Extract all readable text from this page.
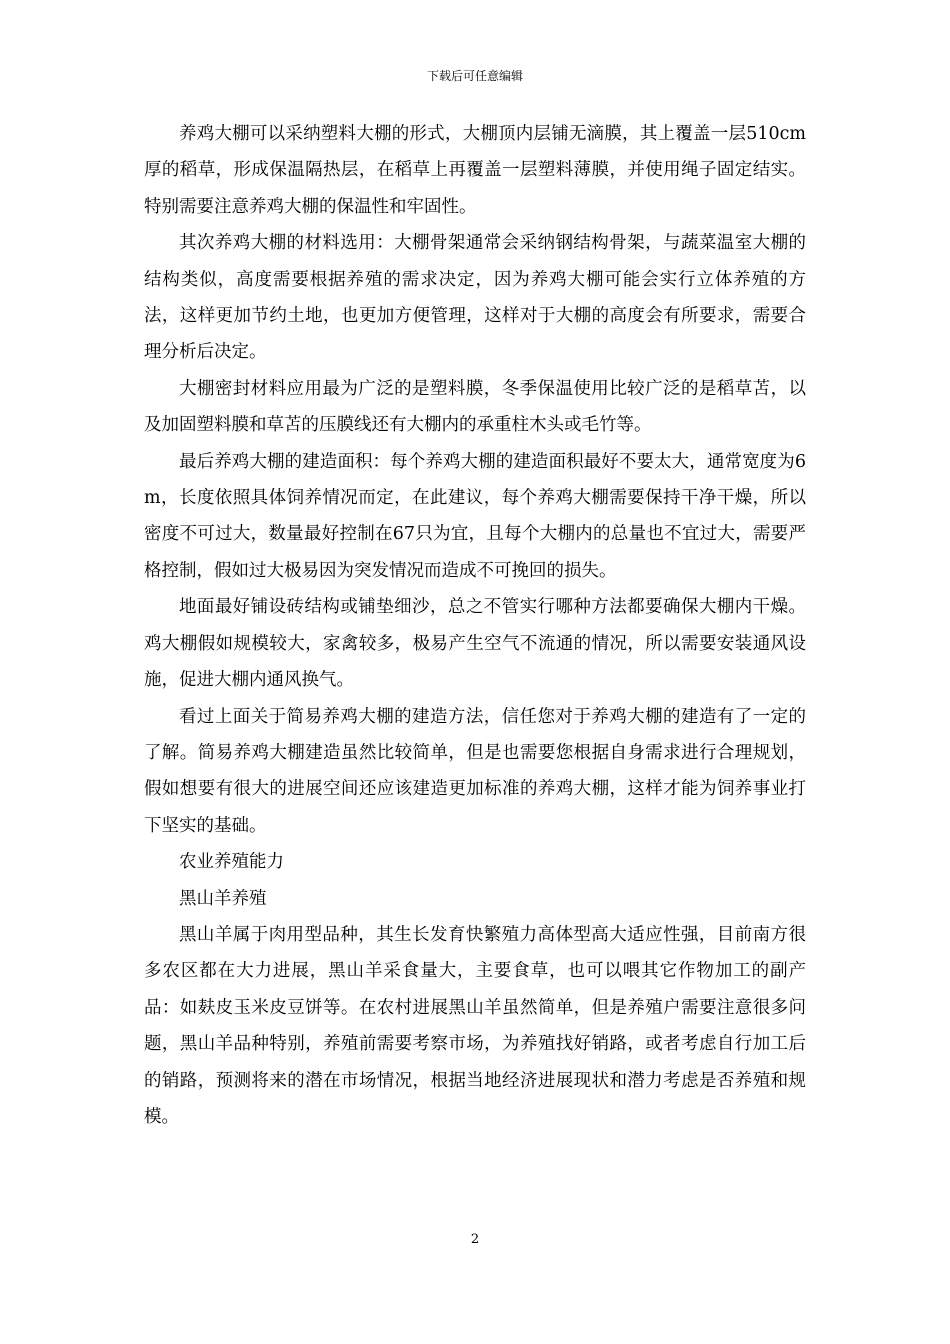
下载后可任意编辑

养鸡大棚可以采纳塑料大棚的形式，大棚顶内层铺无滴膜，其上覆盖一层510cm厚的稻草，形成保温隔热层，在稻草上再覆盖一层塑料薄膜，并使用绳子固定结实。特别需要注意养鸡大棚的保温性和牢固性。

其次养鸡大棚的材料选用：大棚骨架通常会采纳钢结构骨架，与蔬菜温室大棚的结构类似，高度需要根据养殖的需求决定，因为养鸡大棚可能会实行立体养殖的方法，这样更加节约土地，也更加方便管理，这样对于大棚的高度会有所要求，需要合理分析后决定。

大棚密封材料应用最为广泛的是塑料膜，冬季保温使用比较广泛的是稻草苫，以及加固塑料膜和草苫的压膜线还有大棚内的承重柱木头或毛竹等。

最后养鸡大棚的建造面积：每个养鸡大棚的建造面积最好不要太大，通常宽度为6m，长度依照具体饲养情况而定，在此建议，每个养鸡大棚需要保持干净干燥，所以密度不可过大，数量最好控制在67只为宜，且每个大棚内的总量也不宜过大，需要严格控制，假如过大极易因为突发情况而造成不可挽回的损失。

地面最好铺设砖结构或铺垫细沙，总之不管实行哪种方法都要确保大棚内干燥。鸡大棚假如规模较大，家禽较多，极易产生空气不流通的情况，所以需要安装通风设施，促进大棚内通风换气。

看过上面关于简易养鸡大棚的建造方法，信任您对于养鸡大棚的建造有了一定的了解。简易养鸡大棚建造虽然比较简单，但是也需要您根据自身需求进行合理规划，假如想要有很大的进展空间还应该建造更加标准的养鸡大棚，这样才能为饲养事业打下坚实的基础。

农业养殖能力

黑山羊养殖

黑山羊属于肉用型品种，其生长发育快繁殖力高体型高大适应性强，目前南方很多农区都在大力进展，黑山羊采食量大，主要食草，也可以喂其它作物加工的副产品：如麸皮玉米皮豆饼等。在农村进展黑山羊虽然简单，但是养殖户需要注意很多问题，黑山羊品种特别，养殖前需要考察市场，为养殖找好销路，或者考虑自行加工后的销路，预测将来的潜在市场情况，根据当地经济进展现状和潜力考虑是否养殖和规模。

2
